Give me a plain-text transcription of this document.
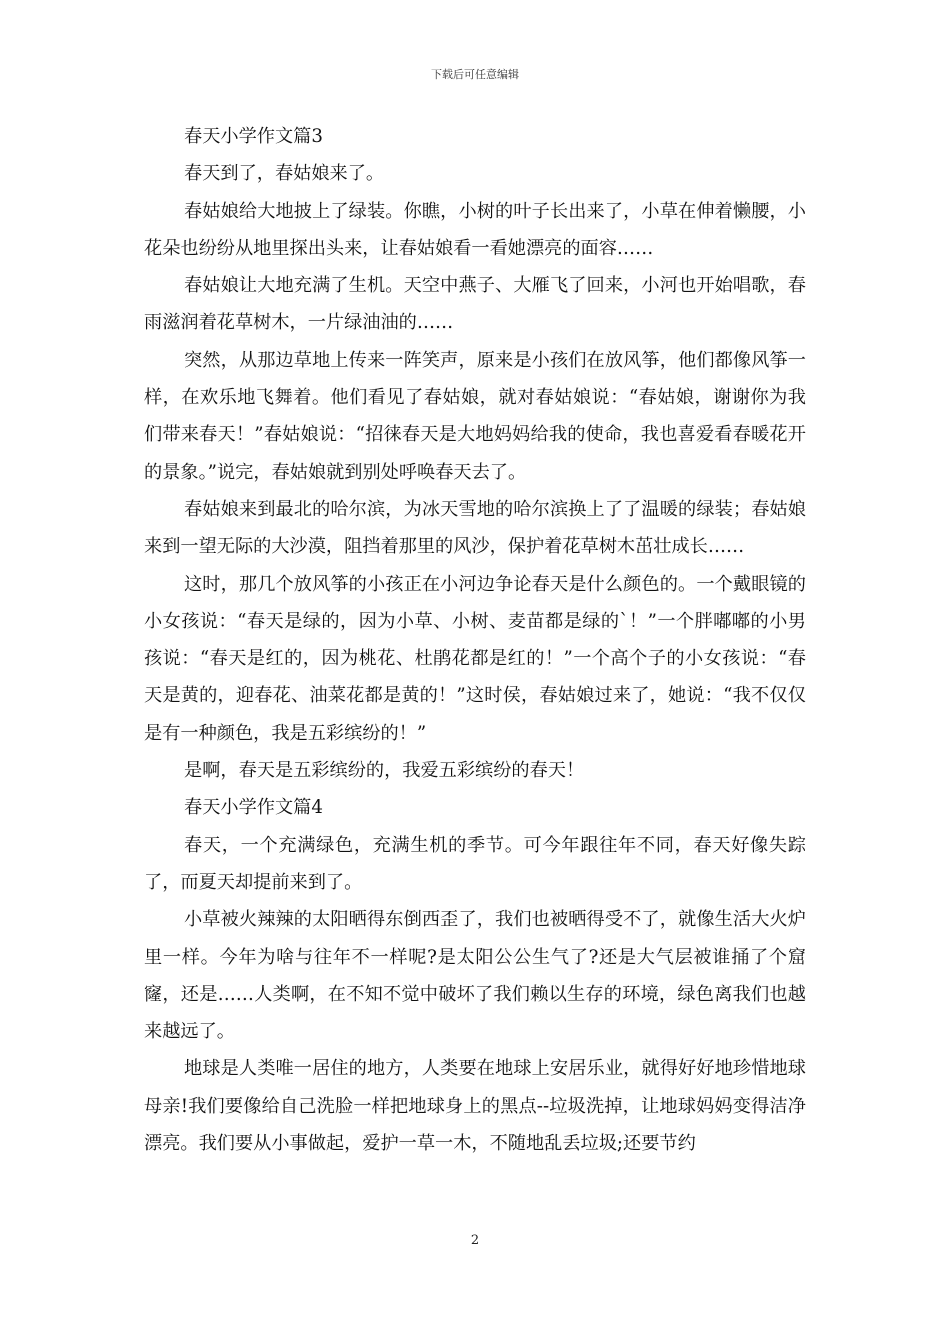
下载后可任意编辑

春天小学作文篇3

春天到了，春姑娘来了。

春姑娘给大地披上了绿装。你瞧，小树的叶子长出来了，小草在伸着懒腰，小花朵也纷纷从地里探出头来，让春姑娘看一看她漂亮的面容……

春姑娘让大地充满了生机。天空中燕子、大雁飞了回来，小河也开始唱歌，春雨滋润着花草树木，一片绿油油的……

突然，从那边草地上传来一阵笑声，原来是小孩们在放风筝，他们都像风筝一样，在欢乐地飞舞着。他们看见了春姑娘，就对春姑娘说：“春姑娘，谢谢你为我们带来春天！”春姑娘说：“招徕春天是大地妈妈给我的使命，我也喜爱看春暖花开的景象。”说完，春姑娘就到别处呼唤春天去了。

春姑娘来到最北的哈尔滨，为冰天雪地的哈尔滨换上了了温暖的绿装；春姑娘来到一望无际的大沙漠，阻挡着那里的风沙，保护着花草树木茁壮成长……

这时，那几个放风筝的小孩正在小河边争论春天是什么颜色的。一个戴眼镜的小女孩说：“春天是绿的，因为小草、小树、麦苗都是绿的`！”一个胖嘟嘟的小男孩说：“春天是红的，因为桃花、杜鹃花都是红的！”一个高个子的小女孩说：“春天是黄的，迎春花、油菜花都是黄的！”这时侯，春姑娘过来了，她说：“我不仅仅是有一种颜色，我是五彩缤纷的！”

是啊，春天是五彩缤纷的，我爱五彩缤纷的春天！

春天小学作文篇4

春天，一个充满绿色，充满生机的季节。可今年跟往年不同，春天好像失踪了，而夏天却提前来到了。

小草被火辣辣的太阳晒得东倒西歪了，我们也被晒得受不了，就像生活大火炉里一样。今年为啥与往年不一样呢?是太阳公公生气了?还是大气层被谁捅了个窟窿，还是……人类啊，在不知不觉中破坏了我们赖以生存的环境，绿色离我们也越来越远了。

地球是人类唯一居住的地方，人类要在地球上安居乐业，就得好好地珍惜地球母亲!我们要像给自己洗脸一样把地球身上的黑点--垃圾洗掉，让地球妈妈变得洁净漂亮。我们要从小事做起，爱护一草一木，不随地乱丢垃圾;还要节约

2
